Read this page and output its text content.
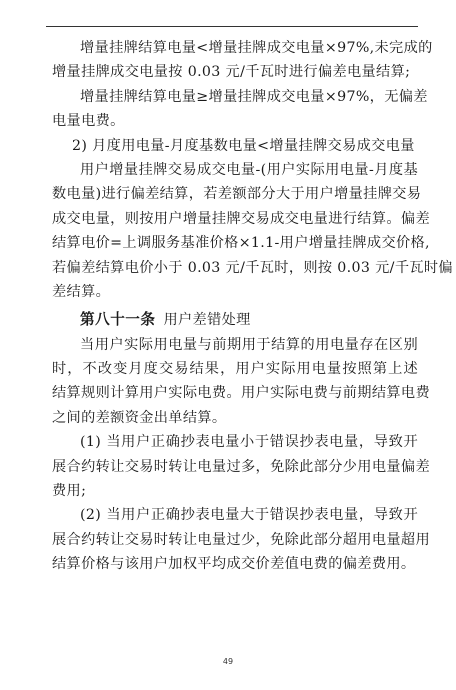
增量挂牌结算电量<增量挂牌成交电量×97%,未完成的
增量挂牌成交电量按 0.03 元/千瓦时进行偏差电量结算;
增量挂牌结算电量≥增量挂牌成交电量×97%，无偏差
电量电费。
2) 月度用电量-月度基数电量<增量挂牌交易成交电量
用户增量挂牌交易成交电量-(用户实际用电量-月度基
数电量)进行偏差结算，若差额部分大于用户增量挂牌交易
成交电量，则按用户增量挂牌交易成交电量进行结算。偏差
结算电价=上调服务基准价格×1.1-用户增量挂牌成交价格,
若偏差结算电价小于 0.03 元/千瓦时，则按 0.03 元/千瓦时偏
差结算。
第八十一条 用户差错处理
当用户实际用电量与前期用于结算的用电量存在区别
时，不改变月度交易结果，用户实际用电量按照第上述
结算规则计算用户实际电费。用户实际电费与前期结算电费
之间的差额资金出单结算。
(1) 当用户正确抄表电量小于错误抄表电量，导致开
展合约转让交易时转让电量过多，免除此部分少用电量偏差
费用;
(2) 当用户正确抄表电量大于错误抄表电量，导致开
展合约转让交易时转让电量过少，免除此部分超用电量超用
结算价格与该用户加权平均成交价差值电费的偏差费用。
49
